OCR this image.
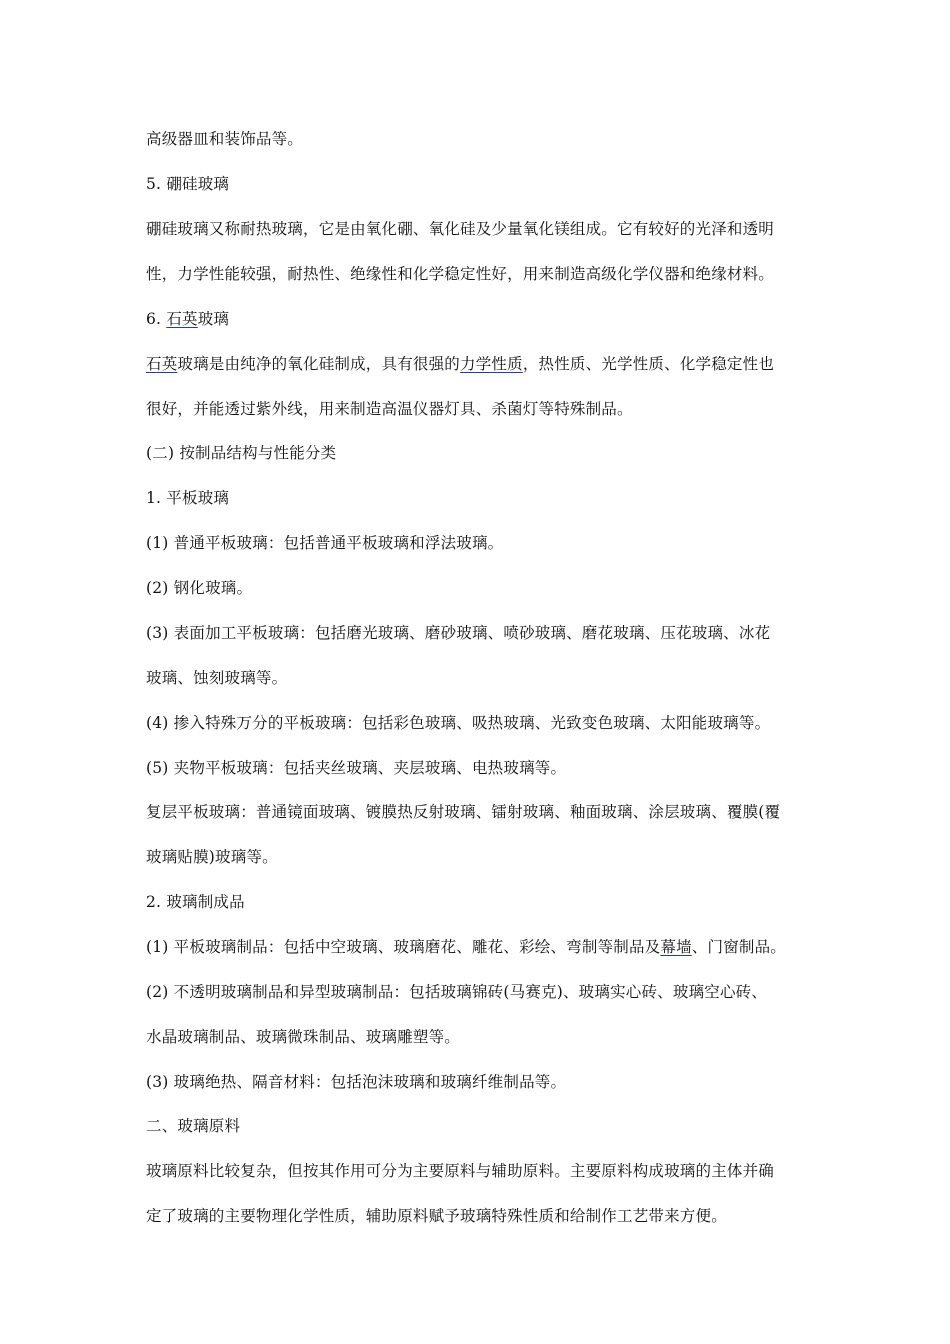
高级器皿和装饰品等。
5. 硼硅玻璃
硼硅玻璃又称耐热玻璃，它是由氧化硼、氧化硅及少量氧化镁组成。它有较好的光泽和透明
性，力学性能较强，耐热性、绝缘性和化学稳定性好，用来制造高级化学仪器和绝缘材料。
6. 石英玻璃
石英玻璃是由纯净的氧化硅制成，具有很强的力学性质，热性质、光学性质、化学稳定性也
很好，并能透过紫外线，用来制造高温仪器灯具、杀菌灯等特殊制品。
(二) 按制品结构与性能分类
1. 平板玻璃
(1) 普通平板玻璃：包括普通平板玻璃和浮法玻璃。
(2) 钢化玻璃。
(3) 表面加工平板玻璃：包括磨光玻璃、磨砂玻璃、喷砂玻璃、磨花玻璃、压花玻璃、冰花
玻璃、蚀刻玻璃等。
(4) 掺入特殊万分的平板玻璃：包括彩色玻璃、吸热玻璃、光致变色玻璃、太阳能玻璃等。
(5) 夹物平板玻璃：包括夹丝玻璃、夹层玻璃、电热玻璃等。
复层平板玻璃：普通镜面玻璃、镀膜热反射玻璃、镭射玻璃、釉面玻璃、涂层玻璃、覆膜(覆
玻璃贴膜)玻璃等。
2. 玻璃制成品
(1) 平板玻璃制品：包括中空玻璃、玻璃磨花、雕花、彩绘、弯制等制品及幕墙、门窗制品。
(2) 不透明玻璃制品和异型玻璃制品：包括玻璃锦砖(马赛克)、玻璃实心砖、玻璃空心砖、
水晶玻璃制品、玻璃微珠制品、玻璃雕塑等。
(3) 玻璃绝热、隔音材料：包括泡沫玻璃和玻璃纤维制品等。
二、玻璃原料
玻璃原料比较复杂，但按其作用可分为主要原料与辅助原料。主要原料构成玻璃的主体并确
定了玻璃的主要物理化学性质，辅助原料赋予玻璃特殊性质和给制作工艺带来方便。
